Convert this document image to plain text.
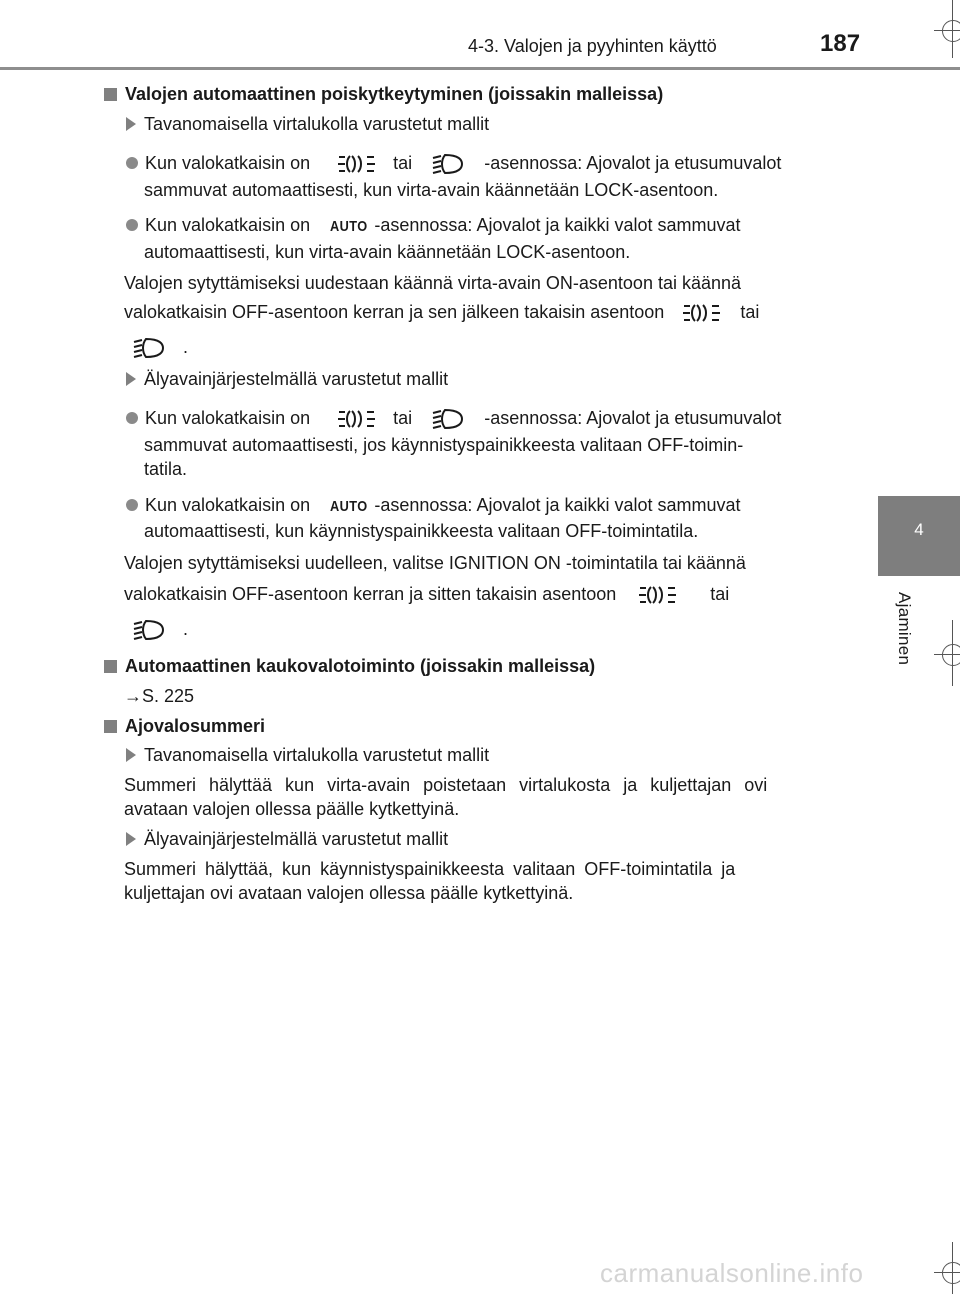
4-3. Valojen ja pyyhinten käyttö	187
4
Ajaminen
Valojen automaattinen poiskytkeytyminen (joissakin malleissa)
Tavanomaisella virtalukolla varustetut mallit
Kun valokatkaisin on	tai	-asennossa: Ajovalot ja etusumuvalot
sammuvat automaattisesti, kun virta-avain käännetään LOCK-asentoon.
Kun valokatkaisin on AUTO -asennossa: Ajovalot ja kaikki valot sammuvat
automaattisesti, kun virta-avain käännetään LOCK-asentoon.
Valojen sytyttämiseksi uudestaan käännä virta-avain ON-asentoon tai käännä
valokatkaisin OFF-asentoon kerran ja sen jälkeen takaisin asentoon	tai
.
Älyavainjärjestelmällä varustetut mallit
Kun valokatkaisin on	tai	-asennossa: Ajovalot ja etusumuvalot
sammuvat automaattisesti, jos käynnistyspainikkeesta valitaan OFF-toimin-
tatila.
Kun valokatkaisin on AUTO -asennossa: Ajovalot ja kaikki valot sammuvat
automaattisesti, kun käynnistyspainikkeesta valitaan OFF-toimintatila.
Valojen sytyttämiseksi uudelleen, valitse IGNITION ON -toimintatila tai käännä
valokatkaisin OFF-asentoon kerran ja sitten takaisin asentoon	tai
.
Automaattinen kaukovalotoiminto (joissakin malleissa)
→S. 225
Ajovalosummeri
Tavanomaisella virtalukolla varustetut mallit
Summeri hälyttää kun virta-avain poistetaan virtalukosta ja kuljettajan ovi
avataan valojen ollessa päälle kytkettyinä.
Älyavainjärjestelmällä varustetut mallit
Summeri hälyttää, kun käynnistyspainikkeesta valitaan OFF-toimintatila ja
kuljettajan ovi avataan valojen ollessa päälle kytkettyinä.
carmanualsonline.info
